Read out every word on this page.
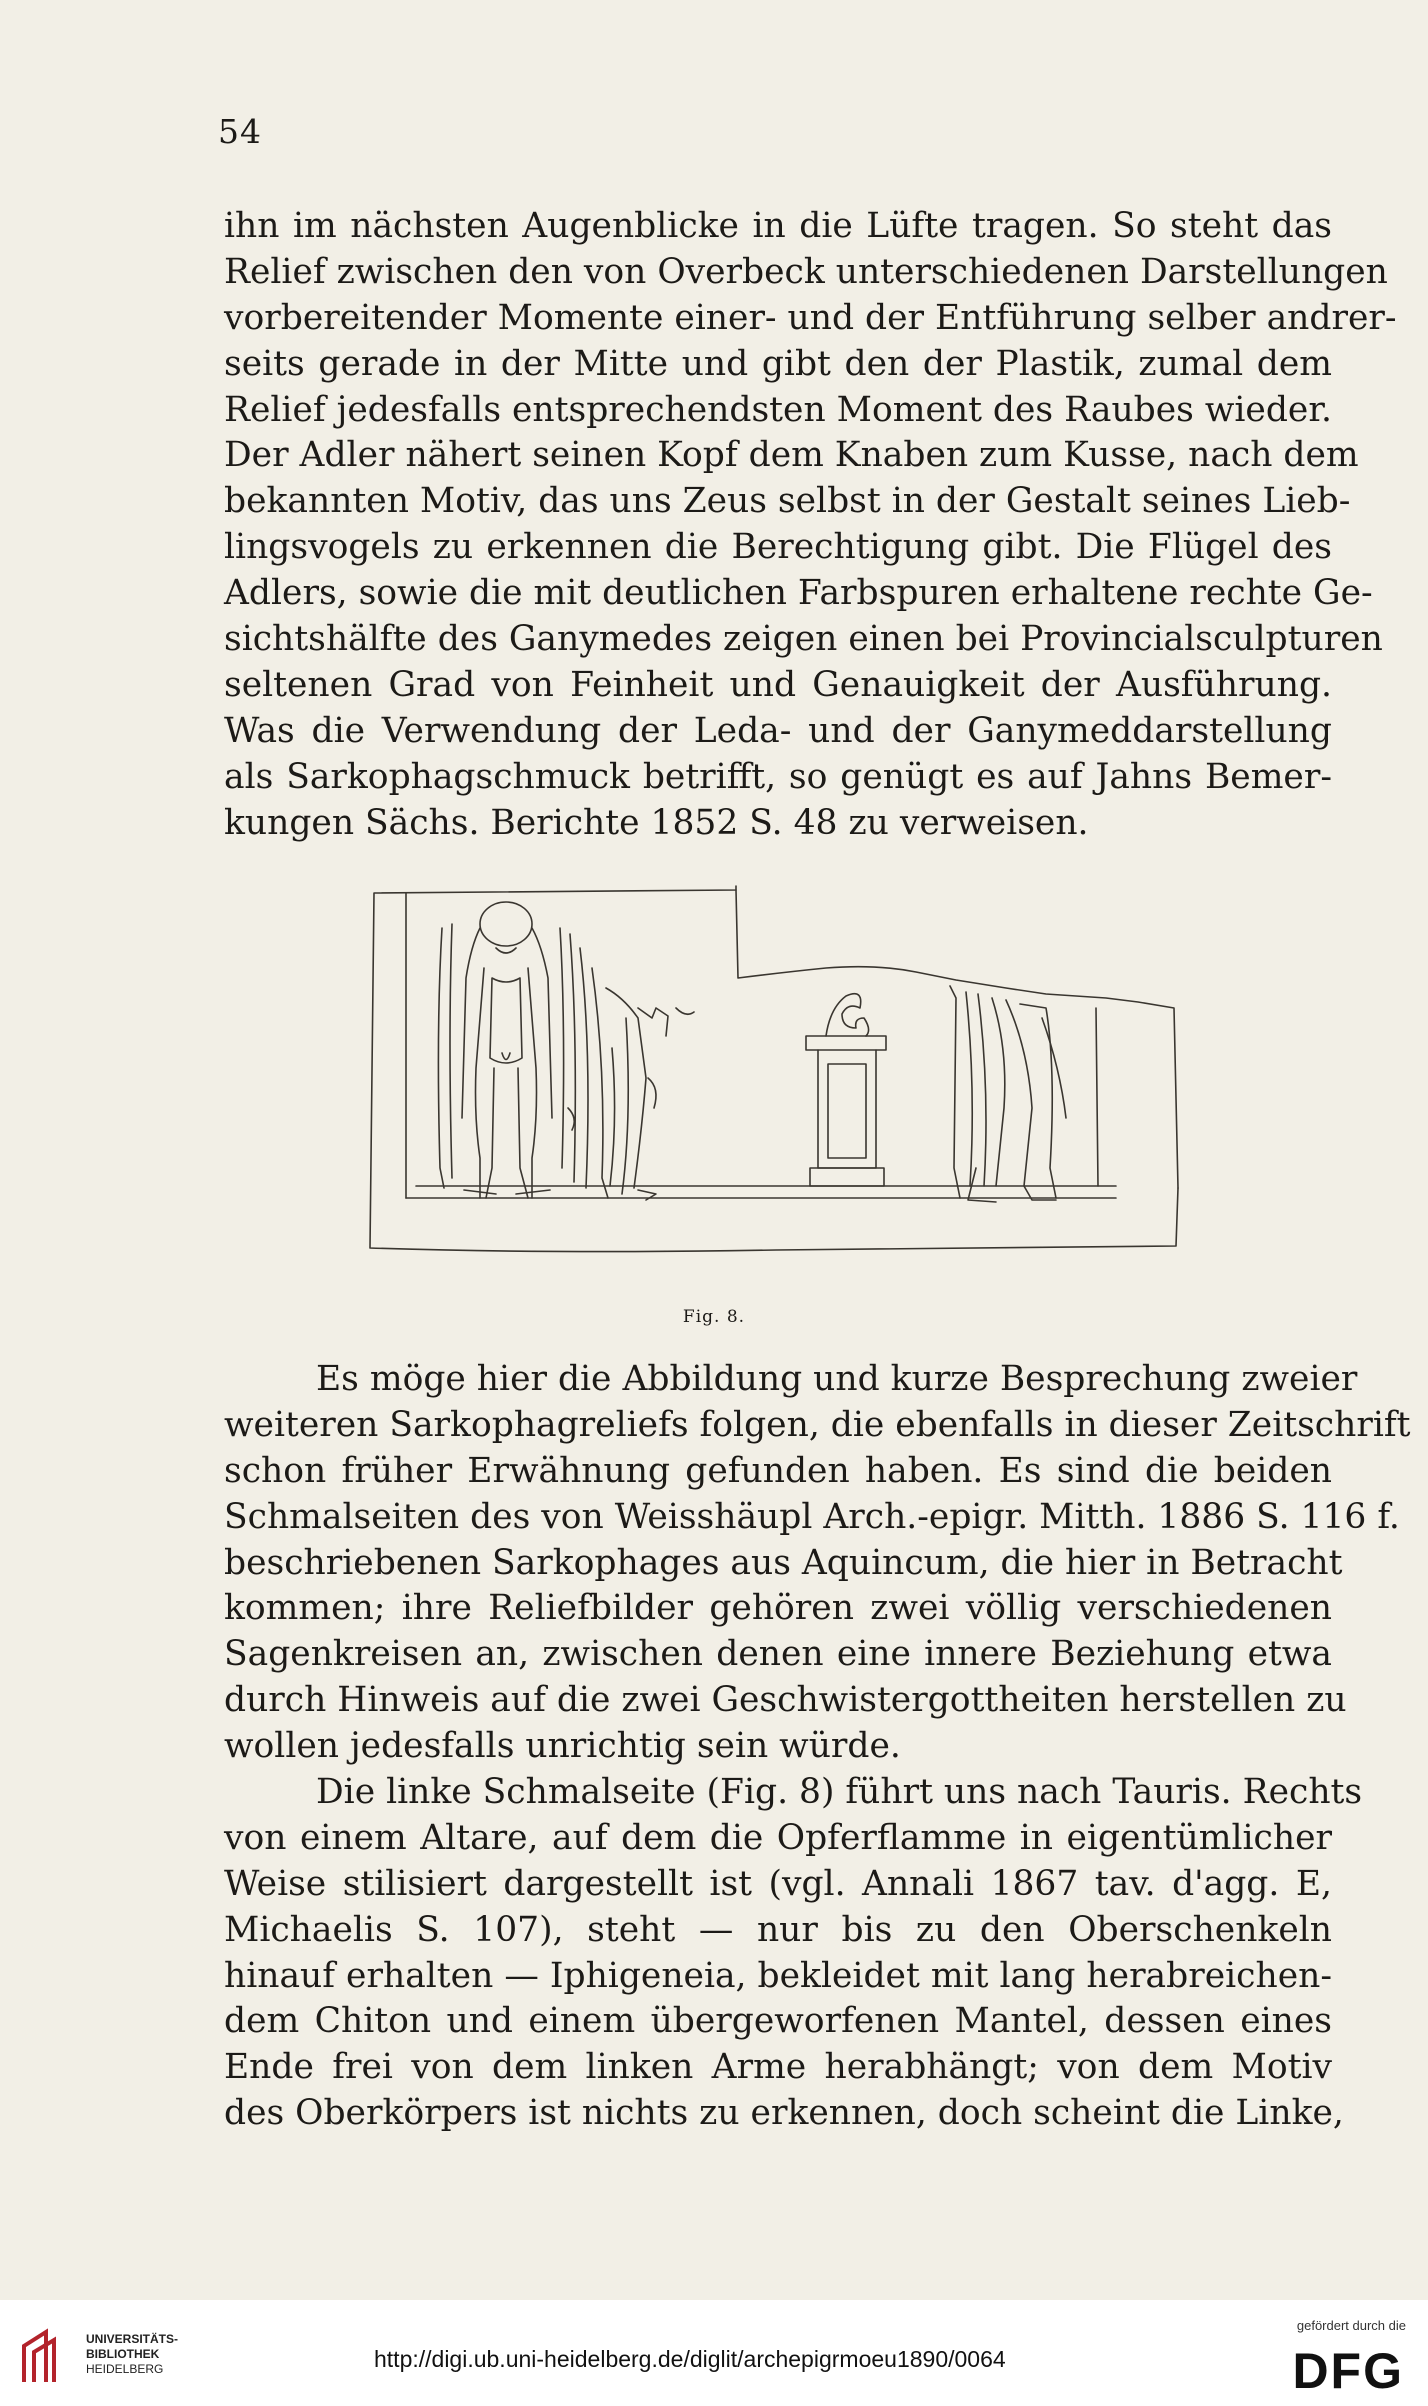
54
ihn im nächsten Augenblicke in die Lüfte tragen. So steht das
Relief zwischen den von Overbeck unterschiedenen Darstellungen
vorbereitender Momente einer- und der Entführung selber andrer-
seits gerade in der Mitte und gibt den der Plastik, zumal dem
Relief jedesfalls entsprechendsten Moment des Raubes wieder.
Der Adler nähert seinen Kopf dem Knaben zum Kusse, nach dem
bekannten Motiv, das uns Zeus selbst in der Gestalt seines Lieb-
lingsvogels zu erkennen die Berechtigung gibt. Die Flügel des
Adlers, sowie die mit deutlichen Farbspuren erhaltene rechte Ge-
sichtshälfte des Ganymedes zeigen einen bei Provincialsculpturen
seltenen Grad von Feinheit und Genauigkeit der Ausführung.
Was die Verwendung der Leda- und der Ganymeddarstellung
als Sarkophagschmuck betrifft, so genügt es auf Jahns Bemer-
kungen Sächs. Berichte 1852 S. 48 zu verweisen.
Fig. 8.
Es möge hier die Abbildung und kurze Besprechung zweier
weiteren Sarkophagreliefs folgen, die ebenfalls in dieser Zeitschrift
schon früher Erwähnung gefunden haben. Es sind die beiden
Schmalseiten des von Weisshäupl Arch.-epigr. Mitth. 1886 S. 116 f.
beschriebenen Sarkophages aus Aquincum, die hier in Betracht
kommen; ihre Reliefbilder gehören zwei völlig verschiedenen
Sagenkreisen an, zwischen denen eine innere Beziehung etwa
durch Hinweis auf die zwei Geschwistergottheiten herstellen zu
wollen jedesfalls unrichtig sein würde.
Die linke Schmalseite (Fig. 8) führt uns nach Tauris. Rechts
von einem Altare, auf dem die Opferflamme in eigentümlicher
Weise stilisiert dargestellt ist (vgl. Annali 1867 tav. d'agg. E,
Michaelis S. 107), steht — nur bis zu den Oberschenkeln
hinauf erhalten — Iphigeneia, bekleidet mit lang herabreichen-
dem Chiton und einem übergeworfenen Mantel, dessen eines
Ende frei von dem linken Arme herabhängt; von dem Motiv
des Oberkörpers ist nichts zu erkennen, doch scheint die Linke,
UNIVERSITÄTS-
BIBLIOTHEK
HEIDELBERG	http://digi.ub.uni-heidelberg.de/diglit/archepigrmoeu1890/0064
gefördert durch die
DFG
